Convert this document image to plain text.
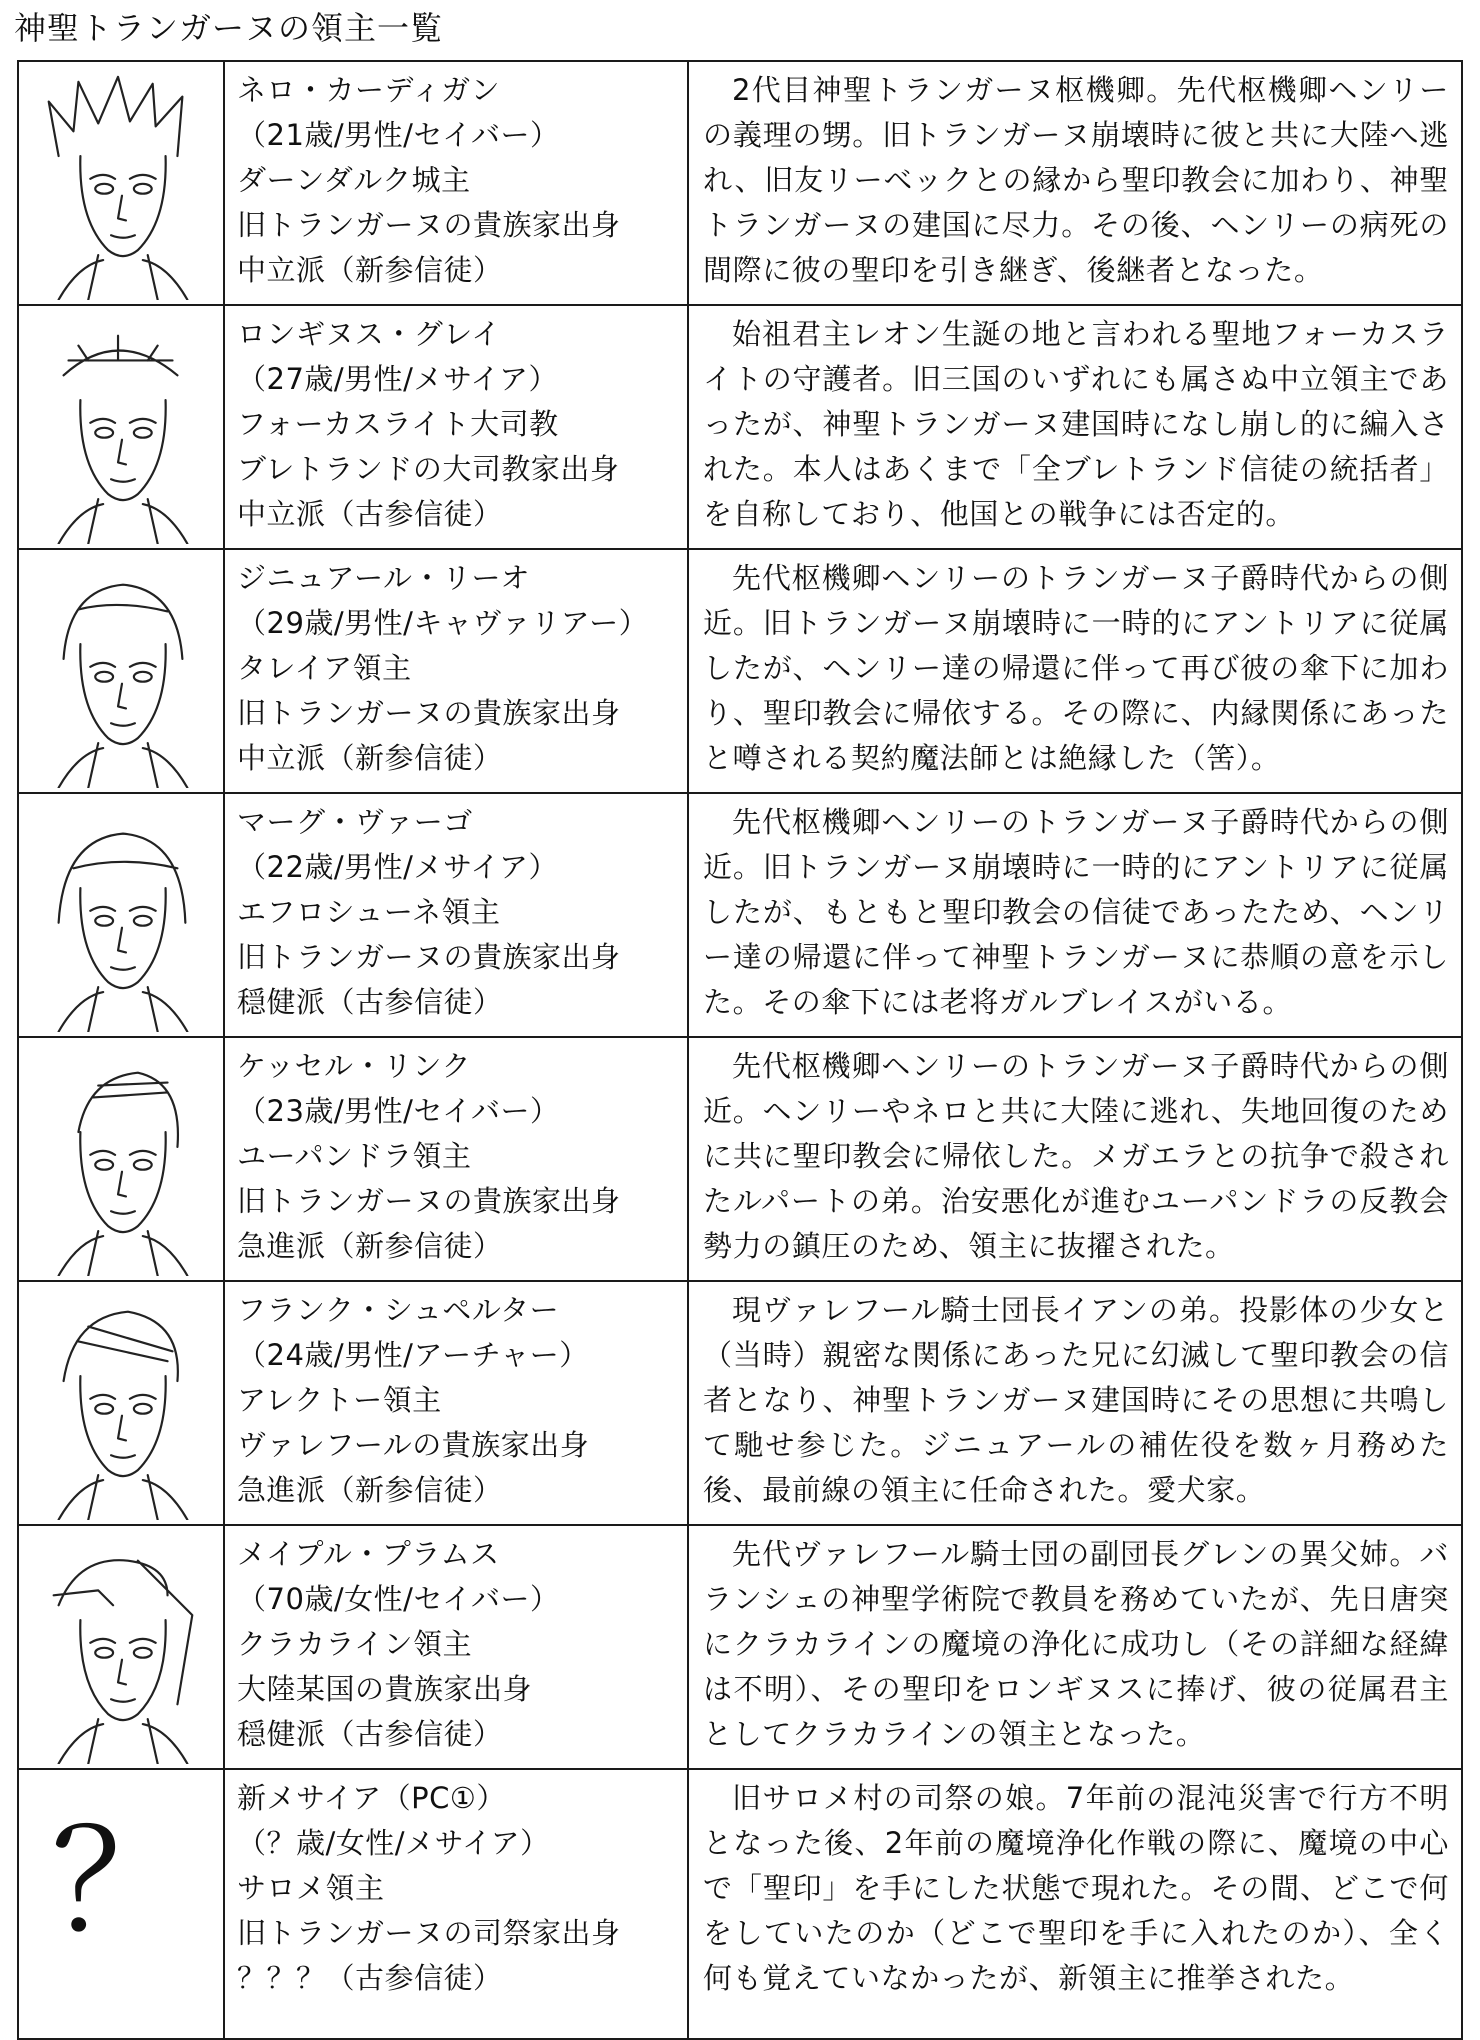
神聖トランガーヌの領主一覧

ネロ・カーディガン
（21歳/男性/セイバー）
ダーンダルク城主
旧トランガーヌの貴族家出身
中立派（新参信徒）	2代目神聖トランガーヌ枢機卿。先代枢機卿ヘンリーの義理の甥。旧トランガーヌ崩壊時に彼と共に大陸へ逃れ、旧友リーベックとの縁から聖印教会に加わり、神聖トランガーヌの建国に尽力。その後、ヘンリーの病死の間際に彼の聖印を引き継ぎ、後継者となった。

ロンギヌス・グレイ
（27歳/男性/メサイア）
フォーカスライト大司教
ブレトランドの大司教家出身
中立派（古参信徒）	始祖君主レオン生誕の地と言われる聖地フォーカスライトの守護者。旧三国のいずれにも属さぬ中立領主であったが、神聖トランガーヌ建国時になし崩し的に編入された。本人はあくまで「全ブレトランド信徒の統括者」を自称しており、他国との戦争には否定的。

ジニュアール・リーオ
（29歳/男性/キャヴァリアー）
タレイア領主
旧トランガーヌの貴族家出身
中立派（新参信徒）	先代枢機卿ヘンリーのトランガーヌ子爵時代からの側近。旧トランガーヌ崩壊時に一時的にアントリアに従属したが、ヘンリー達の帰還に伴って再び彼の傘下に加わり、聖印教会に帰依する。その際に、内縁関係にあったと噂される契約魔法師とは絶縁した（筈）。

マーグ・ヴァーゴ
（22歳/男性/メサイア）
エフロシューネ領主
旧トランガーヌの貴族家出身
穏健派（古参信徒）	先代枢機卿ヘンリーのトランガーヌ子爵時代からの側近。旧トランガーヌ崩壊時に一時的にアントリアに従属したが、もともと聖印教会の信徒であったため、ヘンリー達の帰還に伴って神聖トランガーヌに恭順の意を示した。その傘下には老将ガルブレイスがいる。

ケッセル・リンク
（23歳/男性/セイバー）
ユーパンドラ領主
旧トランガーヌの貴族家出身
急進派（新参信徒）	先代枢機卿ヘンリーのトランガーヌ子爵時代からの側近。ヘンリーやネロと共に大陸に逃れ、失地回復のために共に聖印教会に帰依した。メガエラとの抗争で殺されたルパートの弟。治安悪化が進むユーパンドラの反教会勢力の鎮圧のため、領主に抜擢された。

フランク・シュペルター
（24歳/男性/アーチャー）
アレクトー領主
ヴァレフールの貴族家出身
急進派（新参信徒）	現ヴァレフール騎士団長イアンの弟。投影体の少女と（当時）親密な関係にあった兄に幻滅して聖印教会の信者となり、神聖トランガーヌ建国時にその思想に共鳴して馳せ参じた。ジニュアールの補佐役を数ヶ月務めた後、最前線の領主に任命された。愛犬家。

メイプル・プラムス
（70歳/女性/セイバー）
クラカライン領主
大陸某国の貴族家出身
穏健派（古参信徒）	先代ヴァレフール騎士団の副団長グレンの異父姉。バランシェの神聖学術院で教員を務めていたが、先日唐突にクラカラインの魔境の浄化に成功し（その詳細な経緯は不明）、その聖印をロンギヌスに捧げ、彼の従属君主としてクラカラインの領主となった。

？	新メサイア（PC①）
（？歳/女性/メサイア）
サロメ領主
旧トランガーヌの司祭家出身
？？？（古参信徒）	旧サロメ村の司祭の娘。7年前の混沌災害で行方不明となった後、2年前の魔境浄化作戦の際に、魔境の中心で「聖印」を手にした状態で現れた。その間、どこで何をしていたのか（どこで聖印を手に入れたのか）、全く何も覚えていなかったが、新領主に推挙された。
